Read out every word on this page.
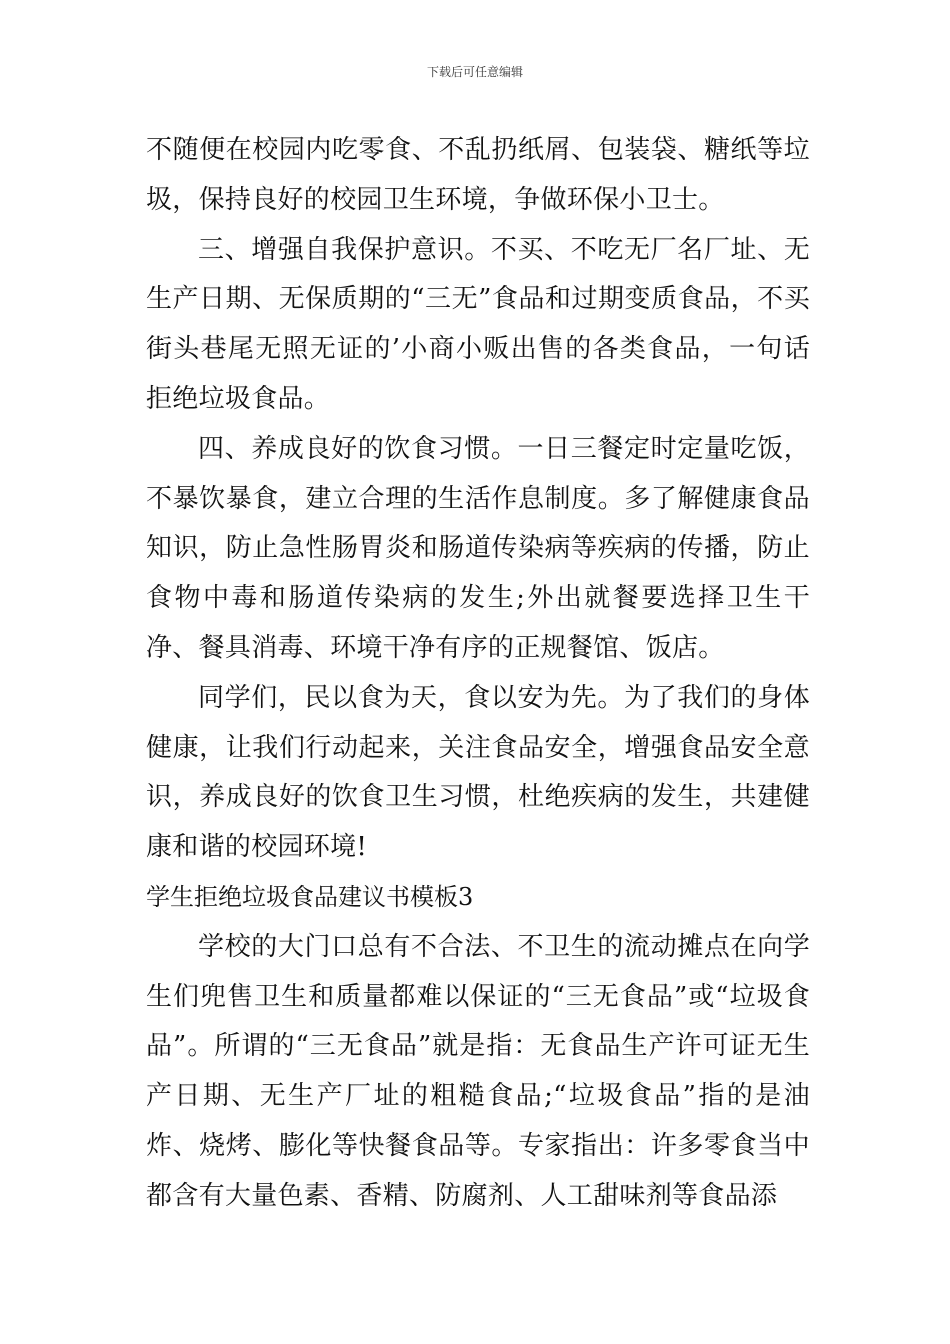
下载后可任意编辑

不随便在校园内吃零食、不乱扔纸屑、包装袋、糖纸等垃圾，保持良好的校园卫生环境，争做环保小卫士。

三、增强自我保护意识。不买、不吃无厂名厂址、无生产日期、无保质期的“三无”食品和过期变质食品，不买街头巷尾无照无证的’小商小贩出售的各类食品，一句话拒绝垃圾食品。

四、养成良好的饮食习惯。一日三餐定时定量吃饭，不暴饮暴食，建立合理的生活作息制度。多了解健康食品知识，防止急性肠胃炎和肠道传染病等疾病的传播，防止食物中毒和肠道传染病的发生;外出就餐要选择卫生干净、餐具消毒、环境干净有序的正规餐馆、饭店。

同学们，民以食为天，食以安为先。为了我们的身体健康，让我们行动起来，关注食品安全，增强食品安全意识，养成良好的饮食卫生习惯，杜绝疾病的发生，共建健康和谐的校园环境!

学生拒绝垃圾食品建议书模板3

学校的大门口总有不合法、不卫生的流动摊点在向学生们兜售卫生和质量都难以保证的“三无食品”或“垃圾食品”。所谓的“三无食品”就是指：无食品生产许可证无生产日期、无生产厂址的粗糙食品;“垃圾食品”指的是油炸、烧烤、膨化等快餐食品等。专家指出：许多零食当中都含有大量色素、香精、防腐剂、人工甜味剂等食品添
